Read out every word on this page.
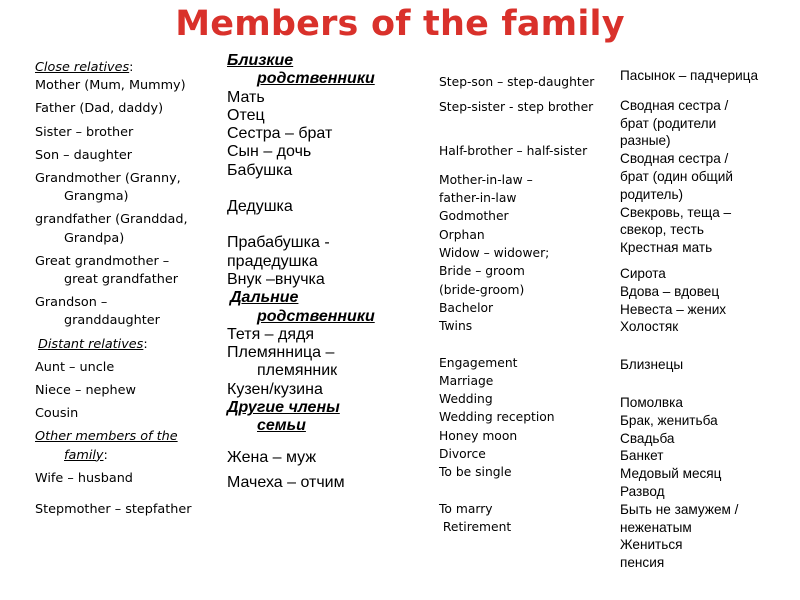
Members of the family
Close relatives:
Mother (Mum, Mummy)
Father (Dad, daddy)
Sister – brother
Son – daughter
Grandmother (Granny,
Grangma)
grandfather (Granddad,
Grandpa)
Great grandmother –
great grandfather
Grandson –
granddaughter
Distant relatives:
Aunt – uncle
Niece – nephew
Cousin
Other members of the
family:
Wife – husband
Stepmother – stepfather
Близкие
родственники
Мать
Отец
Сестра – брат
Сын – дочь
Бабушка
Дедушка
Прабабушка -
прадедушка
Внук –внучка
Дальние
родственники
Тетя – дядя
Племянница –
племянник
Кузен/кузина
Другие члены
семьи
Жена – муж
Мачеха – отчим
Step-son – step-daughter
Step-sister - step brother
Half-brother – half-sister
Mother-in-law –
father-in-law
Godmother
Orphan
Widow – widower;
Bride – groom
(bride-groom)
Bachelor
Twins
Engagement
Marriage
Wedding
Wedding reception
Honey moon
Divorce
To be single
To marry
Retirement
Пасынок – падчерица
Сводная сестра /
брат (родители
разные)
Сводная сестра /
брат (один общий
родитель)
Свекровь, теща –
свекор, тесть
Крестная мать
Сирота
Вдова – вдовец
Невеста – жених
Холостяк
Близнецы
Помолвка
Брак, женитьба
Свадьба
Банкет
Медовый месяц
Развод
Быть не замужем /
неженатым
Жениться
пенсия
